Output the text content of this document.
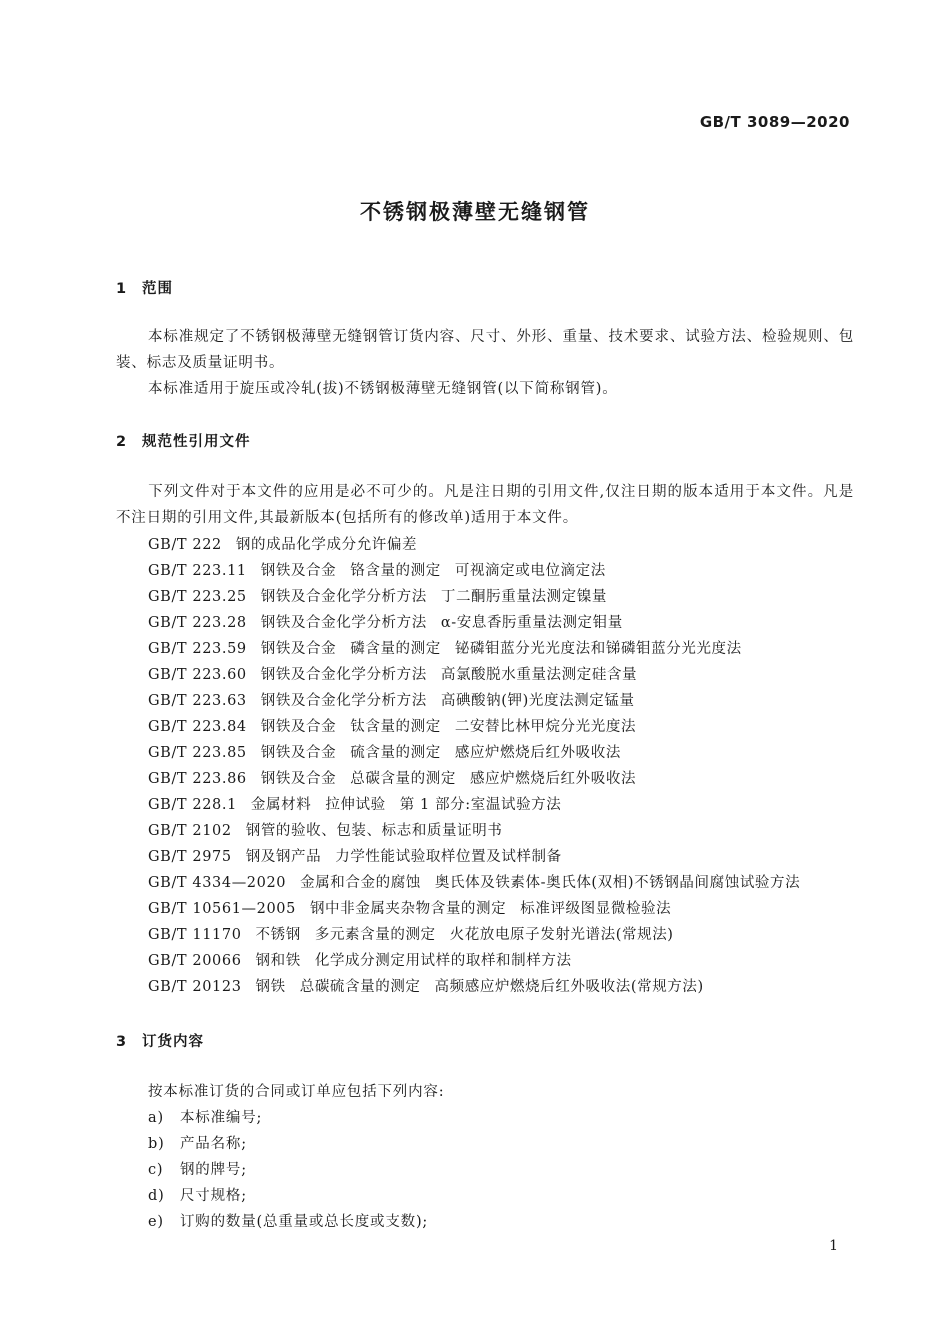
GB/T 3089—2020
不锈钢极薄壁无缝钢管
1 范围
本标准规定了不锈钢极薄壁无缝钢管订货内容、尺寸、外形、重量、技术要求、试验方法、检验规则、包装、标志及质量证明书。
本标准适用于旋压或冷轧(拔)不锈钢极薄壁无缝钢管(以下简称钢管)。
2 规范性引用文件
下列文件对于本文件的应用是必不可少的。凡是注日期的引用文件,仅注日期的版本适用于本文件。凡是不注日期的引用文件,其最新版本(包括所有的修改单)适用于本文件。
GB/T 222 钢的成品化学成分允许偏差
GB/T 223.11 钢铁及合金 铬含量的测定 可视滴定或电位滴定法
GB/T 223.25 钢铁及合金化学分析方法 丁二酮肟重量法测定镍量
GB/T 223.28 钢铁及合金化学分析方法 α-安息香肟重量法测定钼量
GB/T 223.59 钢铁及合金 磷含量的测定 铋磷钼蓝分光光度法和锑磷钼蓝分光光度法
GB/T 223.60 钢铁及合金化学分析方法 高氯酸脱水重量法测定硅含量
GB/T 223.63 钢铁及合金化学分析方法 高碘酸钠(钾)光度法测定锰量
GB/T 223.84 钢铁及合金 钛含量的测定 二安替比林甲烷分光光度法
GB/T 223.85 钢铁及合金 硫含量的测定 感应炉燃烧后红外吸收法
GB/T 223.86 钢铁及合金 总碳含量的测定 感应炉燃烧后红外吸收法
GB/T 228.1 金属材料 拉伸试验 第 1 部分:室温试验方法
GB/T 2102 钢管的验收、包装、标志和质量证明书
GB/T 2975 钢及钢产品 力学性能试验取样位置及试样制备
GB/T 4334—2020 金属和合金的腐蚀 奥氏体及铁素体-奥氏体(双相)不锈钢晶间腐蚀试验方法
GB/T 10561—2005 钢中非金属夹杂物含量的测定 标准评级图显微检验法
GB/T 11170 不锈钢 多元素含量的测定 火花放电原子发射光谱法(常规法)
GB/T 20066 钢和铁 化学成分测定用试样的取样和制样方法
GB/T 20123 钢铁 总碳硫含量的测定 高频感应炉燃烧后红外吸收法(常规方法)
3 订货内容
按本标准订货的合同或订单应包括下列内容:
a) 本标准编号;
b) 产品名称;
c) 钢的牌号;
d) 尺寸规格;
e) 订购的数量(总重量或总长度或支数);
1
